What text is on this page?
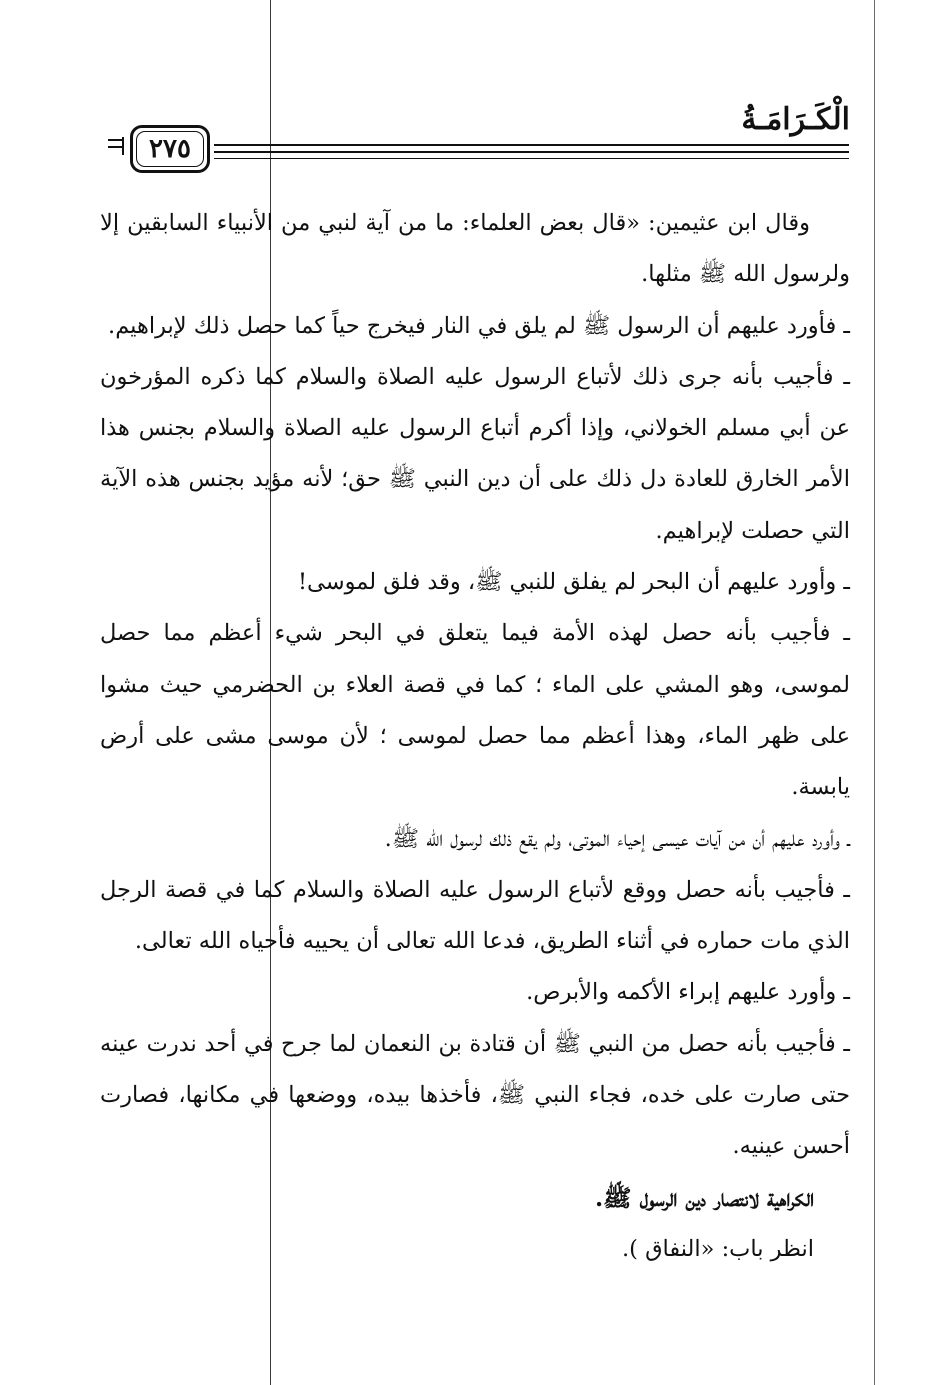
الْكَـرَامَـةُ
٢٧٥

وقال ابن عثيمين: «قال بعض العلماء: ما من آية لنبي من الأنبياء السابقين إلا ولرسول الله ﷺ مثلها.

ـ فأورد عليهم أن الرسول ﷺ لم يلق في النار فيخرج حياً كما حصل ذلك لإبراهيم.

ـ فأجيب بأنه جرى ذلك لأتباع الرسول عليه الصلاة والسلام كما ذكره المؤرخون عن أبي مسلم الخولاني، وإذا أكرم أتباع الرسول عليه الصلاة والسلام بجنس هذا الأمر الخارق للعادة دل ذلك على أن دين النبي ﷺ حق؛ لأنه مؤيد بجنس هذه الآية التي حصلت لإبراهيم.

ـ وأورد عليهم أن البحر لم يفلق للنبي ﷺ، وقد فلق لموسى!

ـ فأجيب بأنه حصل لهذه الأمة فيما يتعلق في البحر شيء أعظم مما حصل لموسى، وهو المشي على الماء ؛ كما في قصة العلاء بن الحضرمي حيث مشوا على ظهر الماء، وهذا أعظم مما حصل لموسى ؛ لأن موسى مشى على أرض يابسة.

ـ وأورد عليهم أن من آيات عيسى إحياء الموتى، ولم يقع ذلك لرسول الله ﷺ.

ـ فأجيب بأنه حصل ووقع لأتباع الرسول عليه الصلاة والسلام كما في قصة الرجل الذي مات حماره في أثناء الطريق، فدعا الله تعالى أن يحييه فأحياه الله تعالى.

ـ وأورد عليهم إبراء الأكمه والأبرص.

ـ فأجيب بأنه حصل من النبي ﷺ أن قتادة بن النعمان لما جرح في أحد ندرت عينه حتى صارت على خده، فجاء النبي ﷺ، فأخذها بيده، ووضعها في مكانها، فصارت أحسن عينيه.

الكراهية لانتصار دين الرسول ﷺ.

انظر باب: «النفاق ).
